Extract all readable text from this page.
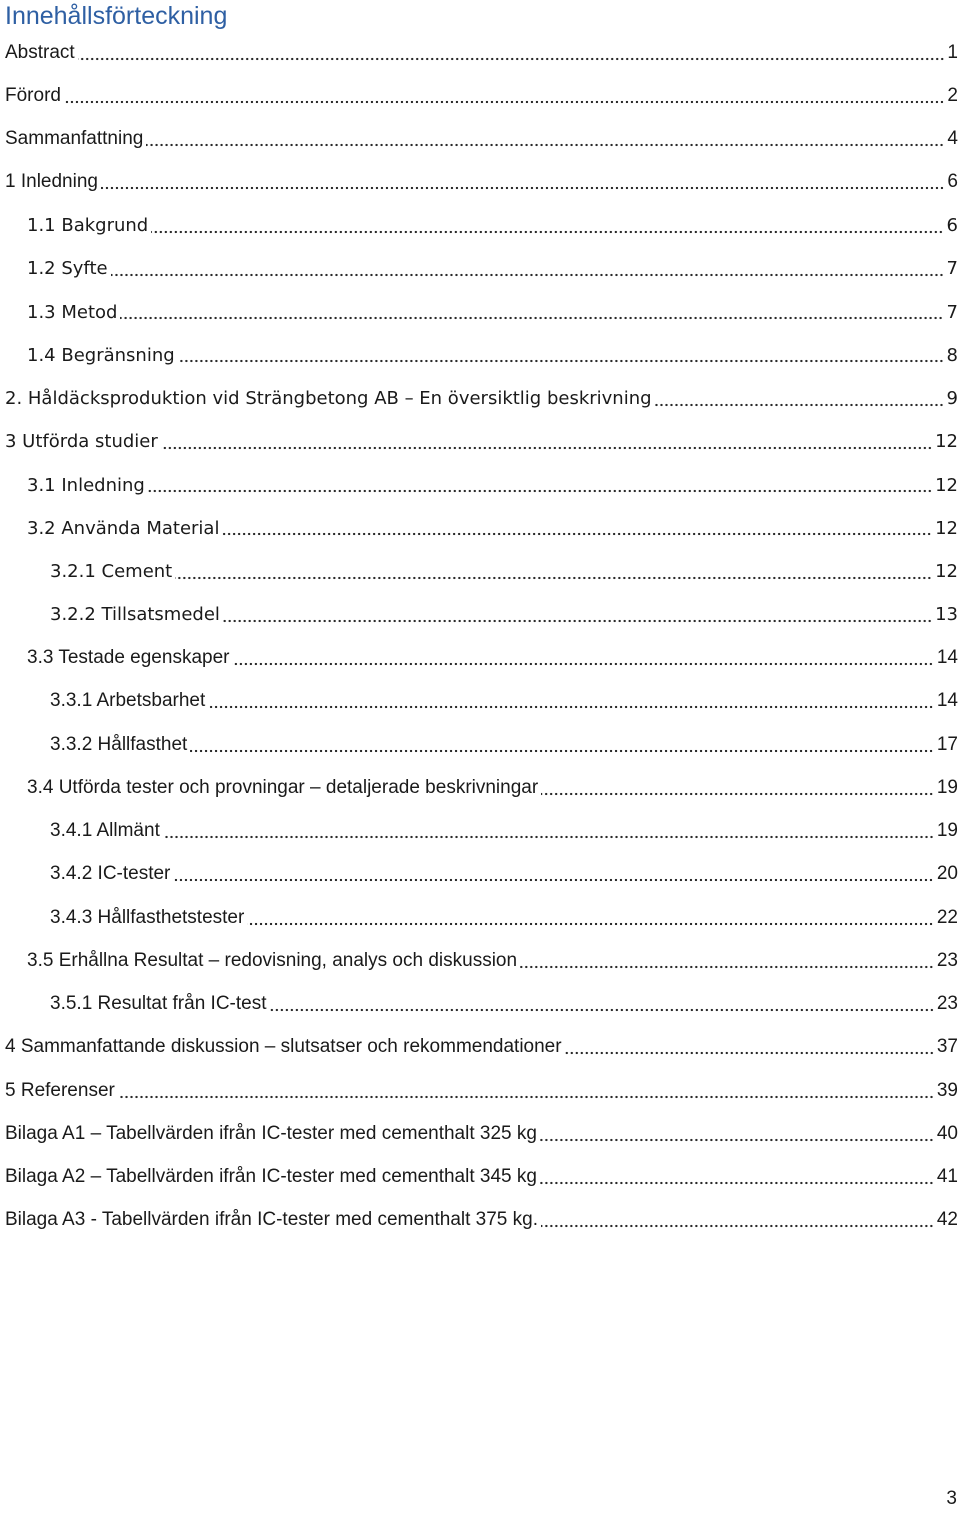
Innehållsförteckning
Abstract	1
Förord	2
Sammanfattning	4
1 Inledning	6
1.1 Bakgrund	6
1.2 Syfte	7
1.3 Metod	7
1.4 Begränsning	8
2. Håldäcksproduktion vid Strängbetong AB – En översiktlig beskrivning	9
3 Utförda studier	12
3.1 Inledning	12
3.2 Använda Material	12
3.2.1 Cement	12
3.2.2 Tillsatsmedel	13
3.3 Testade egenskaper	14
3.3.1 Arbetsbarhet	14
3.3.2 Hållfasthet	17
3.4 Utförda tester och provningar – detaljerade beskrivningar	19
3.4.1 Allmänt	19
3.4.2 IC-tester	20
3.4.3 Hållfasthetstester	22
3.5 Erhållna Resultat – redovisning, analys och diskussion	23
3.5.1 Resultat från IC-test	23
4 Sammanfattande diskussion – slutsatser och rekommendationer	37
5 Referenser	39
Bilaga A1 – Tabellvärden ifrån IC-tester med cementhalt 325 kg	40
Bilaga A2 – Tabellvärden ifrån IC-tester med cementhalt 345 kg	41
Bilaga A3 - Tabellvärden ifrån IC-tester med cementhalt 375 kg.	42
3
